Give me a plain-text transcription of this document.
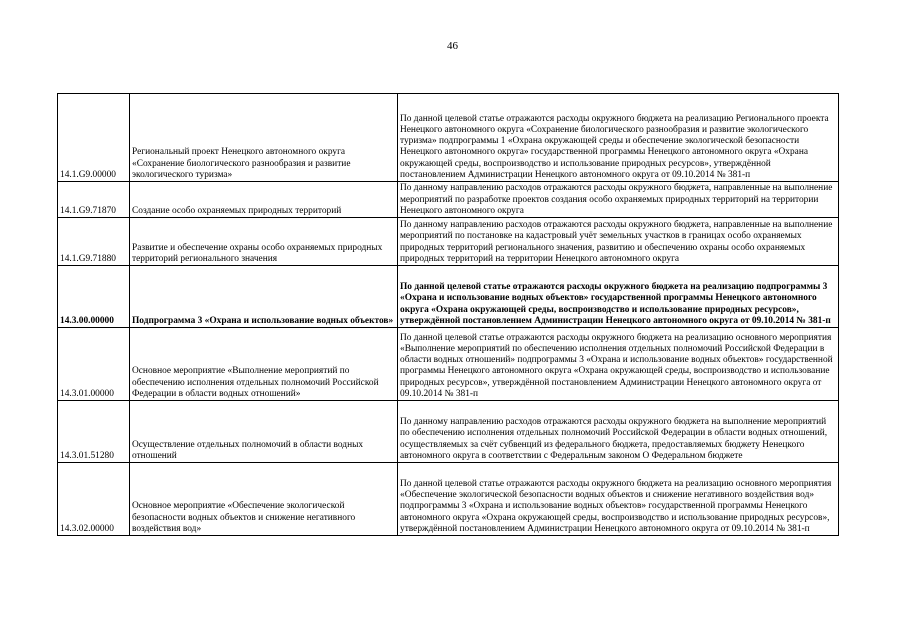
46
14.1.G9.00000	Региональный проект Ненецкого автономного округа «Сохранение биологического разнообразия и развитие экологического туризма»	По данной целевой статье отражаются расходы окружного бюджета на реализацию Регионального проекта Ненецкого автономного округа «Сохранение биологического разнообразия и развитие экологического туризма» подпрограммы 1 «Охрана окружающей среды и обеспечение экологической безопасности Ненецкого автономного округа» государственной программы Ненецкого автономного округа «Охрана окружающей среды, воспроизводство и использование природных ресурсов», утверждённой постановлением Администрации Ненецкого автономного округа от 09.10.2014 № 381-п
14.1.G9.71870	Создание особо охраняемых природных территорий	По данному направлению расходов отражаются расходы окружного бюджета, направленные на выполнение мероприятий по разработке проектов создания особо охраняемых природных территорий на территории Ненецкого автономного округа
14.1.G9.71880	Развитие и обеспечение охраны особо охраняемых природных территорий регионального значения	По данному направлению расходов отражаются расходы окружного бюджета, направленные на выполнение мероприятий по постановке на кадастровый учёт земельных участков в границах особо охраняемых природных территорий регионального значения, развитию и обеспечению охраны особо охраняемых природных территорий на территории Ненецкого автономного округа
14.3.00.00000	Подпрограмма 3 «Охрана и использование водных объектов»	По данной целевой статье отражаются расходы окружного бюджета на реализацию подпрограммы 3 «Охрана и использование водных объектов» государственной программы Ненецкого автономного округа «Охрана окружающей среды, воспроизводство и использование природных ресурсов», утверждённой постановлением Администрации Ненецкого автономного округа от 09.10.2014 № 381-п
14.3.01.00000	Основное мероприятие «Выполнение мероприятий по обеспечению исполнения отдельных полномочий Российской Федерации в области водных отношений»	По данной целевой статье отражаются расходы окружного бюджета на реализацию основного мероприятия «Выполнение мероприятий по обеспечению исполнения отдельных полномочий Российской Федерации в области водных отношений» подпрограммы 3 «Охрана и использование водных объектов» государственной программы Ненецкого автономного округа «Охрана окружающей среды, воспроизводство и использование природных ресурсов», утверждённой постановлением Администрации Ненецкого автономного округа от 09.10.2014 № 381-п
14.3.01.51280	Осуществление отдельных полномочий в области водных отношений	По данному направлению расходов отражаются расходы окружного бюджета на выполнение мероприятий по обеспечению исполнения отдельных полномочий Российской Федерации в области водных отношений, осуществляемых за счёт субвенций из федерального бюджета, предоставляемых бюджету Ненецкого автономного округа в соответствии с Федеральным законом О Федеральном бюджете
14.3.02.00000	Основное мероприятие «Обеспечение экологической безопасности водных объектов и снижение негативного воздействия вод»	По данной целевой статье отражаются расходы окружного бюджета на реализацию основного мероприятия «Обеспечение экологической безопасности водных объектов и снижение негативного воздействия вод» подпрограммы 3 «Охрана и использование водных объектов» государственной программы Ненецкого автономного округа «Охрана окружающей среды, воспроизводство и использование природных ресурсов», утверждённой постановлением Администрации Ненецкого автономного округа от 09.10.2014 № 381-п
